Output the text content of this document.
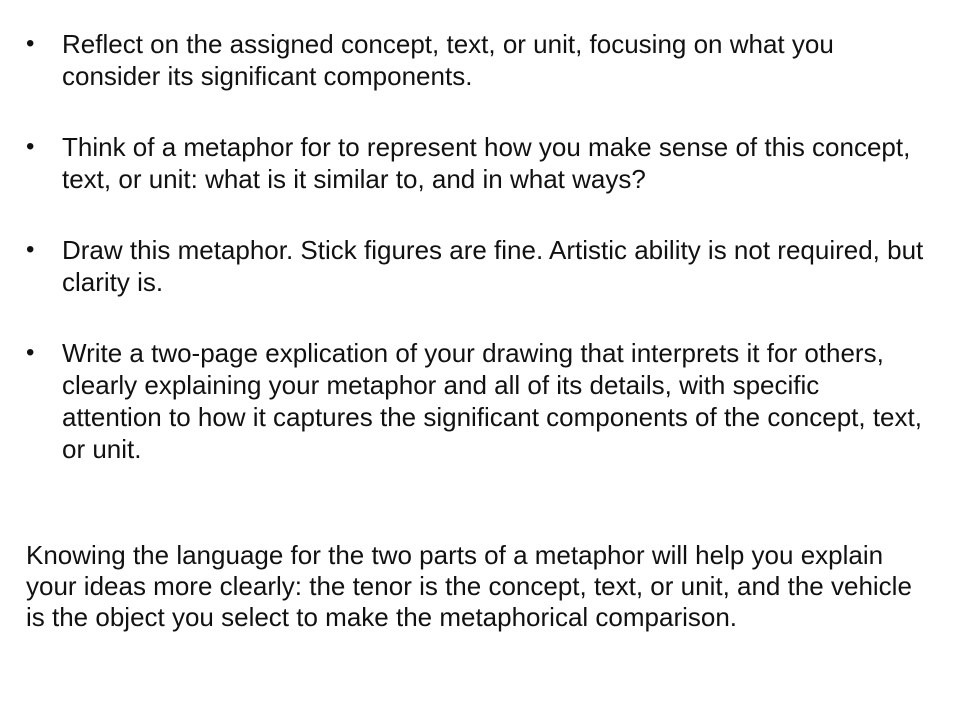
•	Reflect on the assigned concept, text, or unit, focusing on what you consider its significant components.
•	Think of a metaphor for to represent how you make sense of this concept, text, or unit: what is it similar to, and in what ways?
•	Draw this metaphor. Stick figures are fine. Artistic ability is not required, but clarity is.
•	Write a two-page explication of your drawing that interprets it for others, clearly explaining your metaphor and all of its details, with specific attention to how it captures the significant components of the concept, text, or unit.

Knowing the language for the two parts of a metaphor will help you explain your ideas more clearly: the tenor is the concept, text, or unit, and the vehicle is the object you select to make the metaphorical comparison.
